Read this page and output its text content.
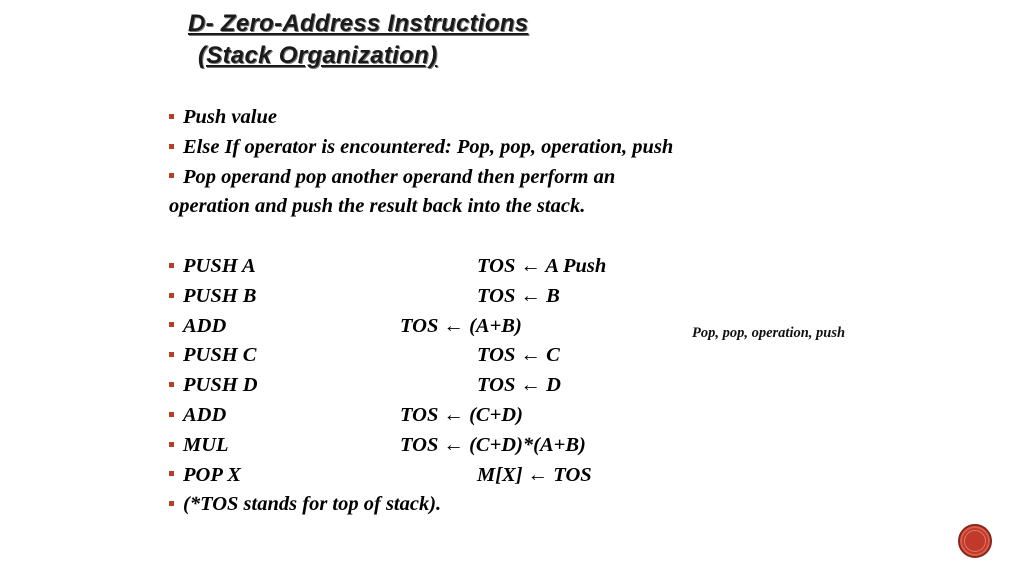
D- Zero-Address Instructions
(Stack Organization)
Push value
Else If operator is encountered: Pop, pop, operation, push
Pop operand pop another operand then perform an
operation and push the result back into the stack.
PUSH A	TOS ← A Push
PUSH B	TOS ← B
ADD	TOS ← (A+B)
PUSH C	TOS ← C
PUSH D	TOS ← D
ADD	TOS ← (C+D)
MUL	TOS ← (C+D)*(A+B)
POP X	M[X] ← TOS
(*TOS stands for top of stack).
Pop, pop, operation, push
